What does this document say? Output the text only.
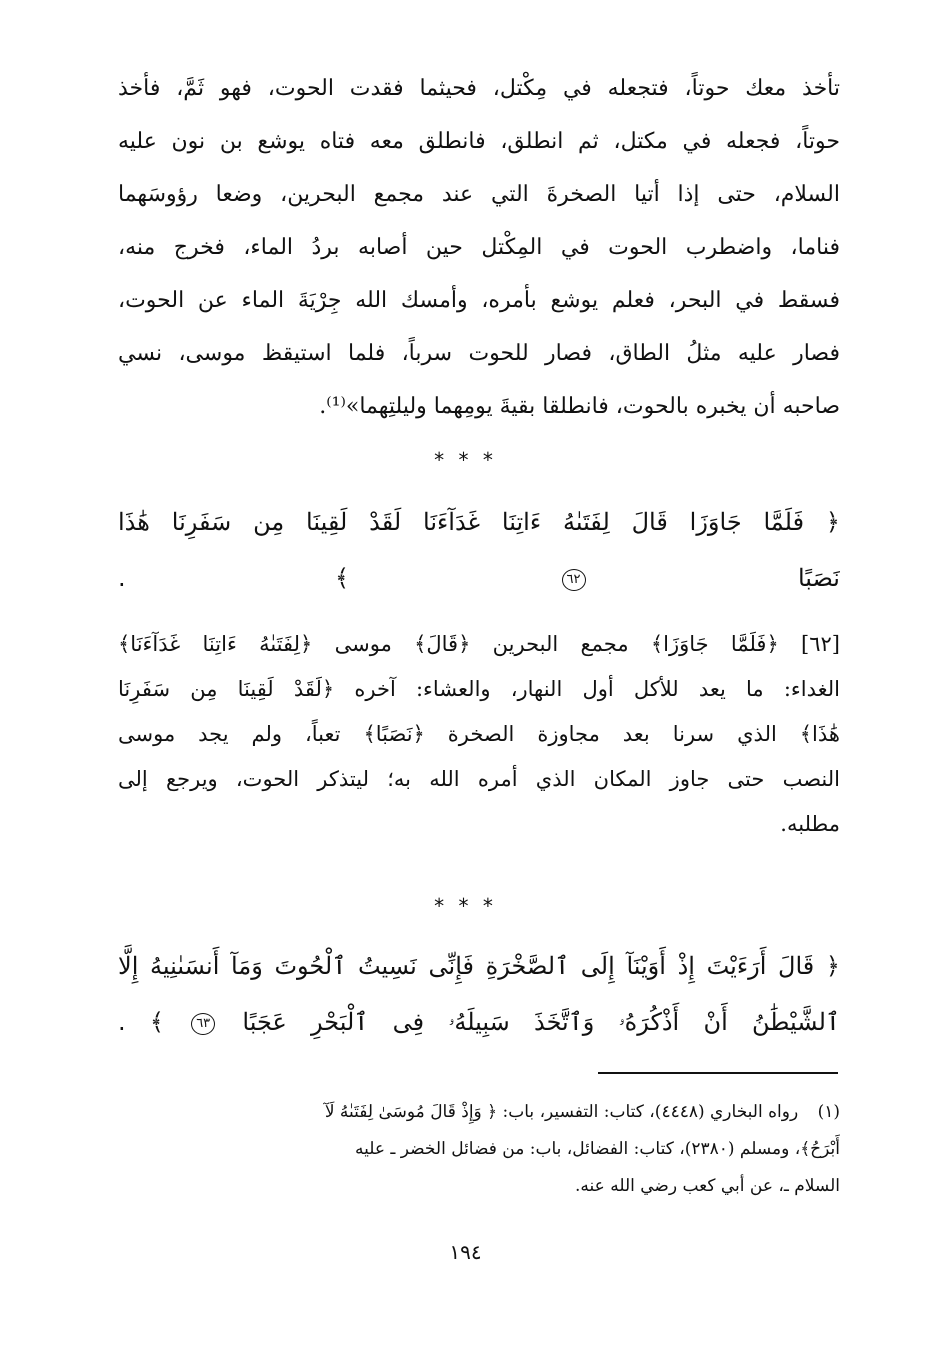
تأخذ معك حوتاً، فتجعله في مِكْتل، فحيثما فقدت الحوت، فهو ثَمَّ، فأخذ
حوتاً، فجعله في مكتل، ثم انطلق، فانطلق معه فتاه يوشع بن نون عليه
السلام، حتى إذا أتيا الصخرةَ التي عند مجمع البحرين، وضعا رؤوسَهما
فناما، واضطرب الحوت في المِكْتل حين أصابه بردُ الماء، فخرج منه،
فسقط في البحر، فعلم يوشع بأمره، وأمسك الله جِرْيَةَ الماء عن الحوت،
فصار عليه مثلُ الطاق، فصار للحوت سرباً، فلما استيقظ موسى، نسي
صاحبه أن يخبره بالحوت، فانطلقا بقيةَ يومِهما وليلتِهما»⁽¹⁾.
* * *
﴿ فَلَمَّا جَاوَزَا قَالَ لِفَتَىٰهُ ءَاتِنَا غَدَآءَنَا لَقَدْ لَقِينَا مِن سَفَرِنَا هَٰذَا
نَصَبًا ٦٢ ﴾ .
[٦٢] ﴿فَلَمَّا جَاوَزَا﴾ مجمع البحرين ﴿قَالَ﴾ موسى ﴿لِفَتَىٰهُ ءَاتِنَا غَدَآءَنَا﴾
الغداء: ما يعد للأكل أول النهار، والعشاء: آخره ﴿لَقَدْ لَقِينَا مِن سَفَرِنَا
هَٰذَا﴾ الذي سرنا بعد مجاوزة الصخرة ﴿نَصَبًا﴾ تعباً، ولم يجد موسى
النصب حتى جاوز المكان الذي أمره الله به؛ ليتذكر الحوت، ويرجع إلى
مطلبه.
* * *
﴿ قَالَ أَرَءَيْتَ إِذْ أَوَيْنَآ إِلَى ٱلصَّخْرَةِ فَإِنِّى نَسِيتُ ٱلْحُوتَ وَمَآ أَنسَىٰنِيهُ إِلَّا
ٱلشَّيْطَٰنُ أَنْ أَذْكُرَهُۥ وَٱتَّخَذَ سَبِيلَهُۥ فِى ٱلْبَحْرِ عَجَبًا ٦٣ ﴾ .
(١) رواه البخاري (٤٤٤٨)، كتاب: التفسير، باب: ﴿ وَإِذْ قَالَ مُوسَىٰ لِفَتَىٰهُ لَآ
أَبْرَحُ﴾، ومسلم (٢٣٨٠)، كتاب: الفضائل، باب: من فضائل الخضر ـ عليه
السلام ـ، عن أبي كعب رضي الله عنه.
١٩٤
